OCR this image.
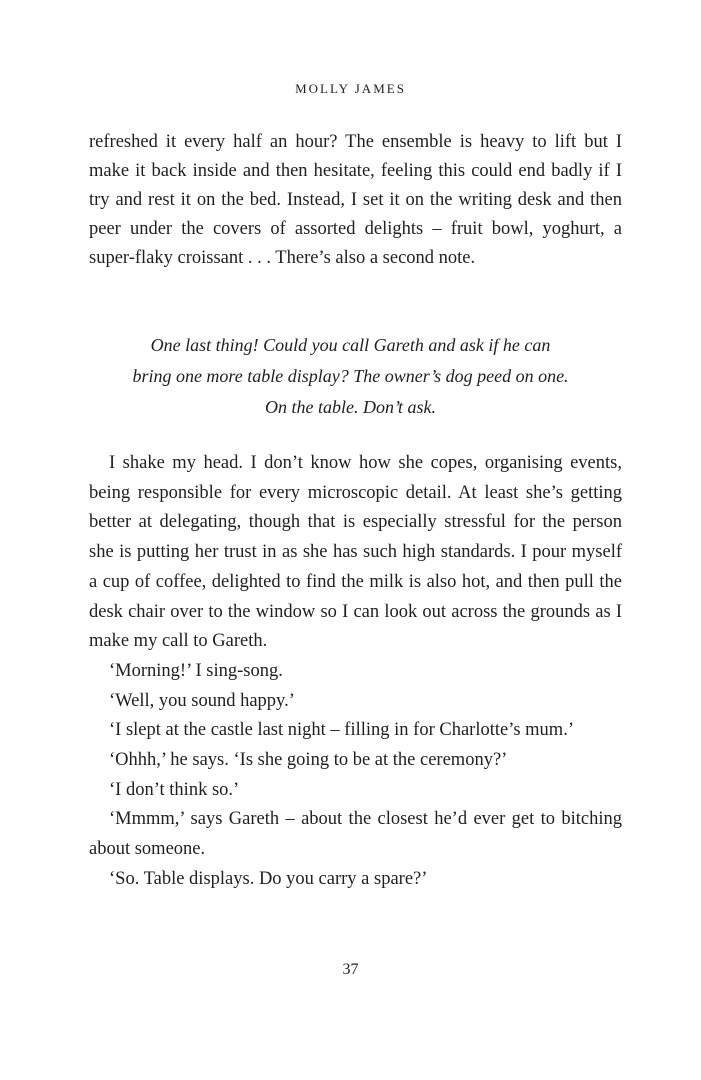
MOLLY JAMES

refreshed it every half an hour? The ensemble is heavy to lift but I make it back inside and then hesitate, feeling this could end badly if I try and rest it on the bed. Instead, I set it on the writing desk and then peer under the covers of assorted delights – fruit bowl, yoghurt, a super-flaky croissant . . . There’s also a second note.

One last thing! Could you call Gareth and ask if he can
bring one more table display? The owner’s dog peed on one.
On the table. Don’t ask.

I shake my head. I don’t know how she copes, organising events, being responsible for every microscopic detail. At least she’s getting better at delegating, though that is especially stressful for the person she is putting her trust in as she has such high standards. I pour myself a cup of coffee, delighted to find the milk is also hot, and then pull the desk chair over to the window so I can look out across the grounds as I make my call to Gareth.

‘Morning!’ I sing-song.

‘Well, you sound happy.’

‘I slept at the castle last night – filling in for Charlotte’s mum.’

‘Ohhh,’ he says. ‘Is she going to be at the ceremony?’

‘I don’t think so.’

‘Mmmm,’ says Gareth – about the closest he’d ever get to bitching about someone.

‘So. Table displays. Do you carry a spare?’

37
